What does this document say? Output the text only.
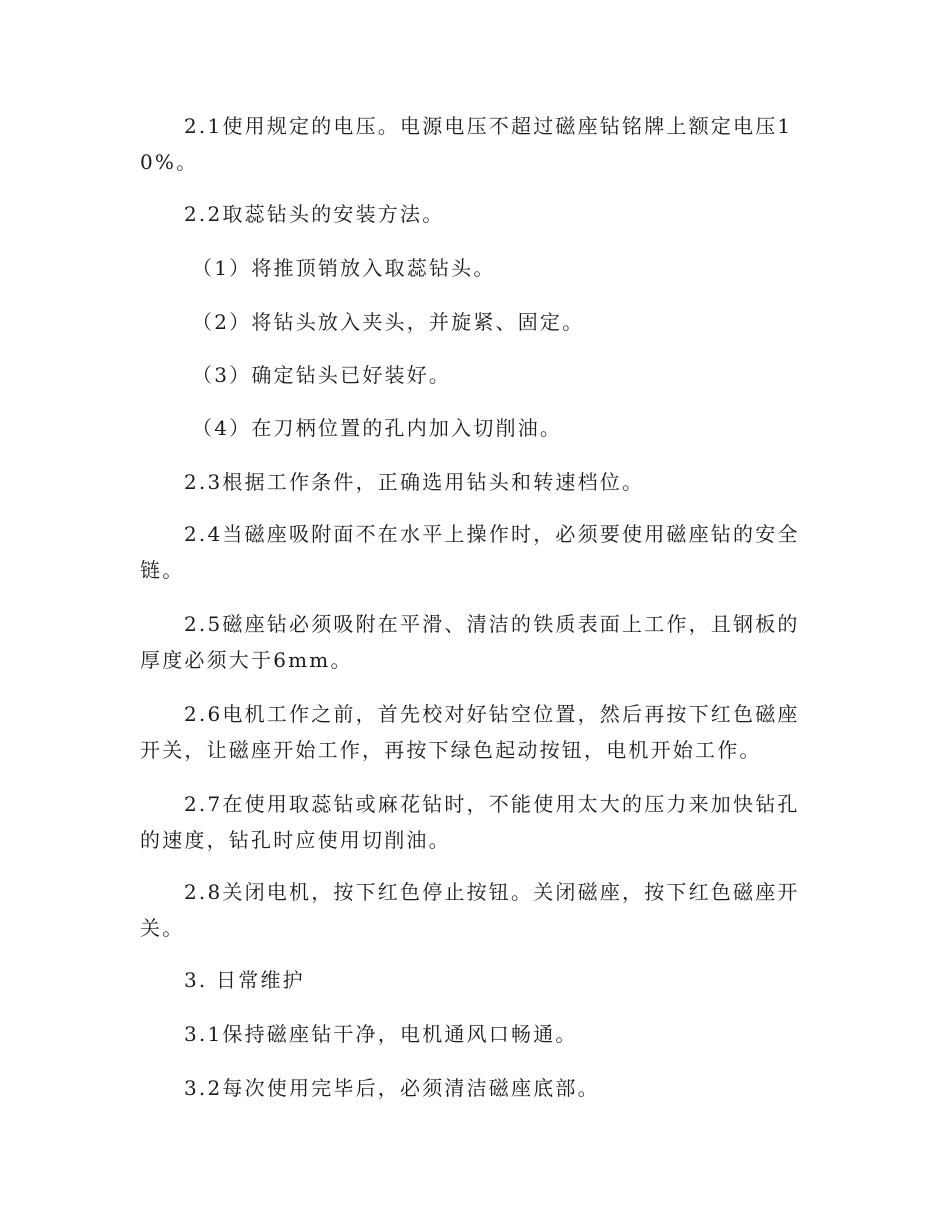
2.1使用规定的电压。电源电压不超过磁座钻铭牌上额定电压10%。

2.2取蕊钻头的安装方法。

（1）将推顶销放入取蕊钻头。

（2）将钻头放入夹头，并旋紧、固定。

（3）确定钻头已好装好。

（4）在刀柄位置的孔内加入切削油。

2.3根据工作条件，正确选用钻头和转速档位。

2.4当磁座吸附面不在水平上操作时，必须要使用磁座钻的安全链。

2.5磁座钻必须吸附在平滑、清洁的铁质表面上工作，且钢板的厚度必须大于6mm。

2.6电机工作之前，首先校对好钻空位置，然后再按下红色磁座开关，让磁座开始工作，再按下绿色起动按钮，电机开始工作。

2.7在使用取蕊钻或麻花钻时，不能使用太大的压力来加快钻孔的速度，钻孔时应使用切削油。

2.8关闭电机，按下红色停止按钮。关闭磁座，按下红色磁座开关。

3. 日常维护

3.1保持磁座钻干净，电机通风口畅通。

3.2每次使用完毕后，必须清洁磁座底部。
